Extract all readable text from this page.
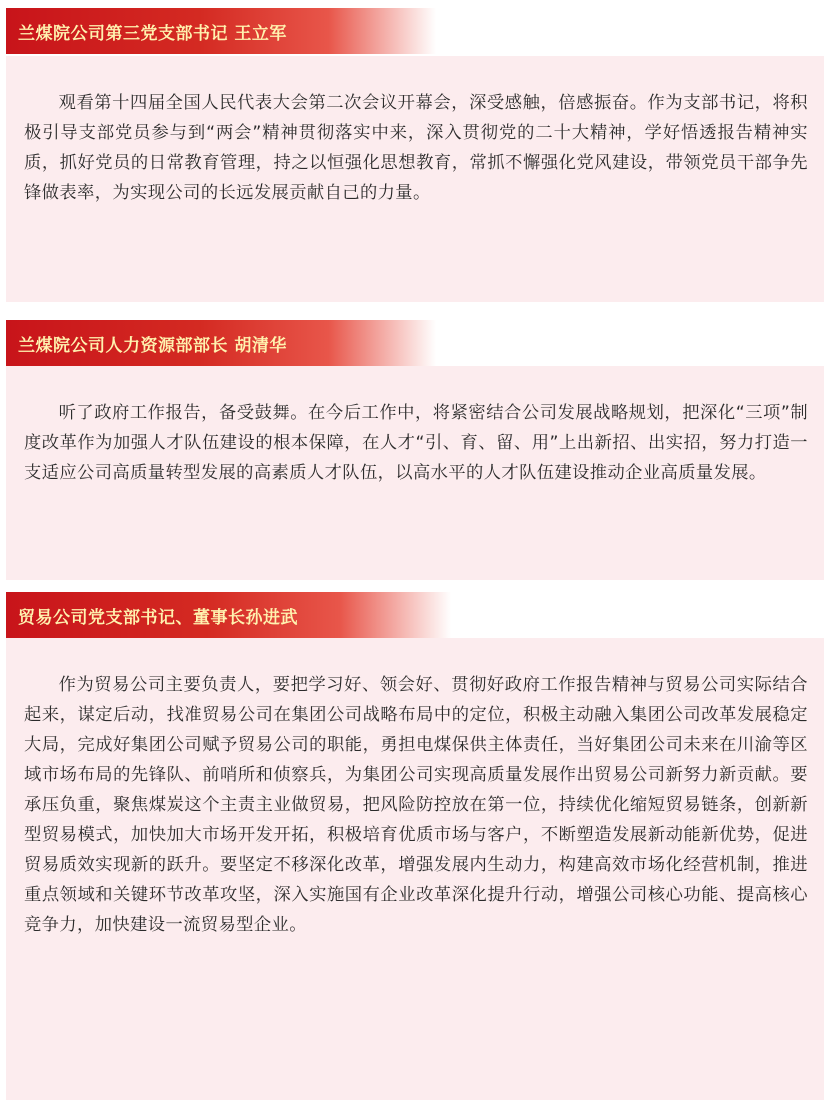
观看第十四届全国人民代表大会第二次会议开幕会，深受感触，倍感振奋。作为支部书记，将积极引导支部党员参与到“两会”精神贯彻落实中来，深入贯彻党的二十大精神，学好悟透报告精神实质，抓好党员的日常教育管理，持之以恒强化思想教育，常抓不懈强化党风建设，带领党员干部争先锋做表率，为实现公司的长远发展贡献自己的力量。

兰煤院公司第三党支部书记 王立军

听了政府工作报告，备受鼓舞。在今后工作中，将紧密结合公司发展战略规划，把深化“三项”制度改革作为加强人才队伍建设的根本保障，在人才“引、育、留、用”上出新招、出实招，努力打造一支适应公司高质量转型发展的高素质人才队伍，以高水平的人才队伍建设推动企业高质量发展。

兰煤院公司人力资源部部长 胡清华

作为贸易公司主要负责人，要把学习好、领会好、贯彻好政府工作报告精神与贸易公司实际结合起来，谋定后动，找准贸易公司在集团公司战略布局中的定位，积极主动融入集团公司改革发展稳定大局，完成好集团公司赋予贸易公司的职能，勇担电煤保供主体责任，当好集团公司未来在川渝等区域市场布局的先锋队、前哨所和侦察兵，为集团公司实现高质量发展作出贸易公司新努力新贡献。要承压负重，聚焦煤炭这个主责主业做贸易，把风险防控放在第一位，持续优化缩短贸易链条，创新新型贸易模式，加快加大市场开发开拓，积极培育优质市场与客户，不断塑造发展新动能新优势，促进贸易质效实现新的跃升。要坚定不移深化改革，增强发展内生动力，构建高效市场化经营机制，推进重点领域和关键环节改革攻坚，深入实施国有企业改革深化提升行动，增强公司核心功能、提高核心竞争力，加快建设一流贸易型企业。

贸易公司党支部书记、董事长孙进武
